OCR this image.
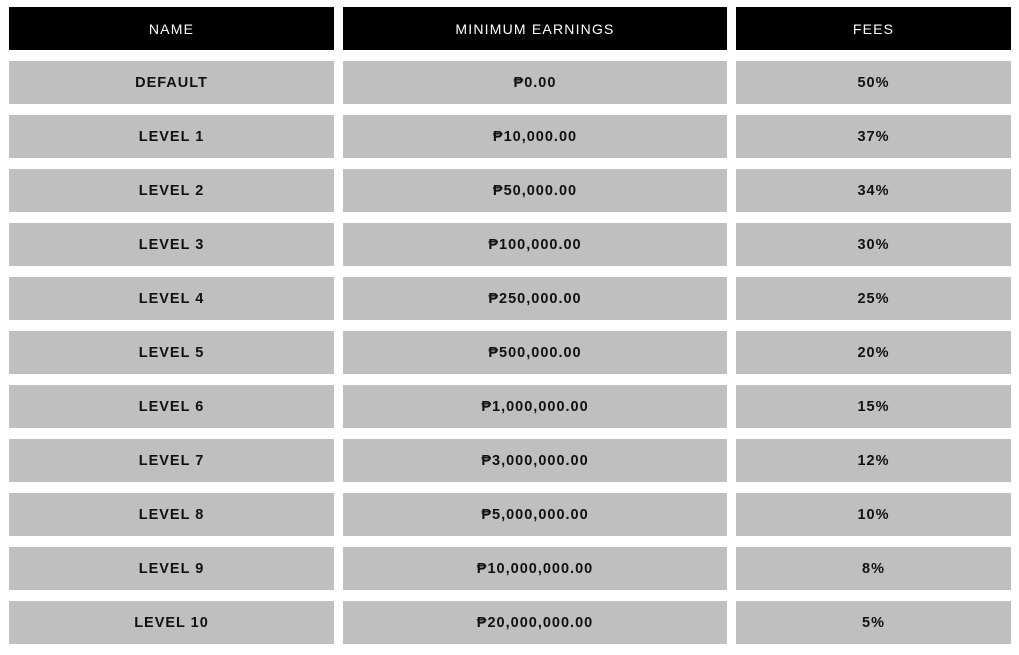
NAME	MINIMUM EARNINGS	FEES
DEFAULT	₱0.00	50%
LEVEL 1	₱10,000.00	37%
LEVEL 2	₱50,000.00	34%
LEVEL 3	₱100,000.00	30%
LEVEL 4	₱250,000.00	25%
LEVEL 5	₱500,000.00	20%
LEVEL 6	₱1,000,000.00	15%
LEVEL 7	₱3,000,000.00	12%
LEVEL 8	₱5,000,000.00	10%
LEVEL 9	₱10,000,000.00	8%
LEVEL 10	₱20,000,000.00	5%
